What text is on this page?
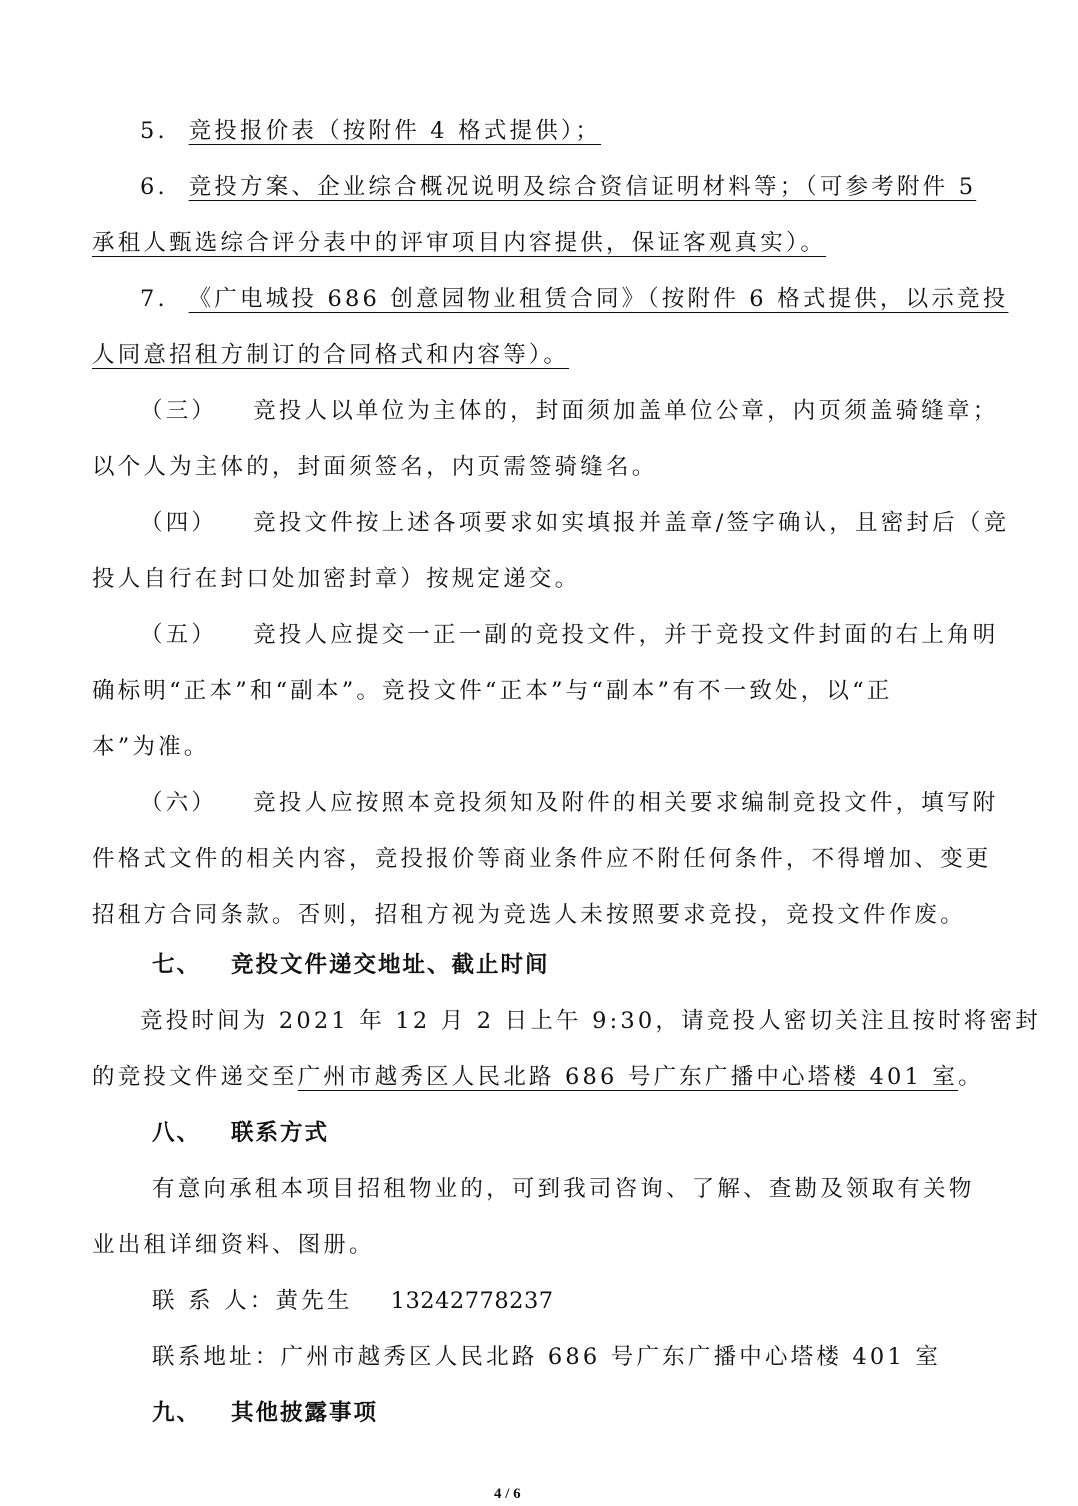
5. 竞投报价表（按附件 4 格式提供）；
6. 竞投方案、企业综合概况说明及综合资信证明材料等；（可参考附件 5
承租人甄选综合评分表中的评审项目内容提供，保证客观真实）。
7. 《广电城投 686 创意园物业租赁合同》（按附件 6 格式提供，以示竞投
人同意招租方制订的合同格式和内容等）。
（三） 竞投人以单位为主体的，封面须加盖单位公章，内页须盖骑缝章；
以个人为主体的，封面须签名，内页需签骑缝名。
（四） 竞投文件按上述各项要求如实填报并盖章/签字确认，且密封后（竞
投人自行在封口处加密封章）按规定递交。
（五） 竞投人应提交一正一副的竞投文件，并于竞投文件封面的右上角明
确标明“正本”和“副本”。竞投文件“正本”与“副本”有不一致处，以“正
本”为准。
（六） 竞投人应按照本竞投须知及附件的相关要求编制竞投文件，填写附
件格式文件的相关内容，竞投报价等商业条件应不附任何条件，不得增加、变更
招租方合同条款。否则，招租方视为竞选人未按照要求竞投，竞投文件作废。
七、 竞投文件递交地址、截止时间
竞投时间为 2021 年 12 月 2 日上午 9:30，请竞投人密切关注且按时将密封
的竞投文件递交至广州市越秀区人民北路 686 号广东广播中心塔楼 401 室。
八、 联系方式
有意向承租本项目招租物业的，可到我司咨询、了解、查勘及领取有关物
业出租详细资料、图册。
联 系 人：黄先生 13242778237
联系地址：广州市越秀区人民北路 686 号广东广播中心塔楼 401 室
九、 其他披露事项
4 / 6
